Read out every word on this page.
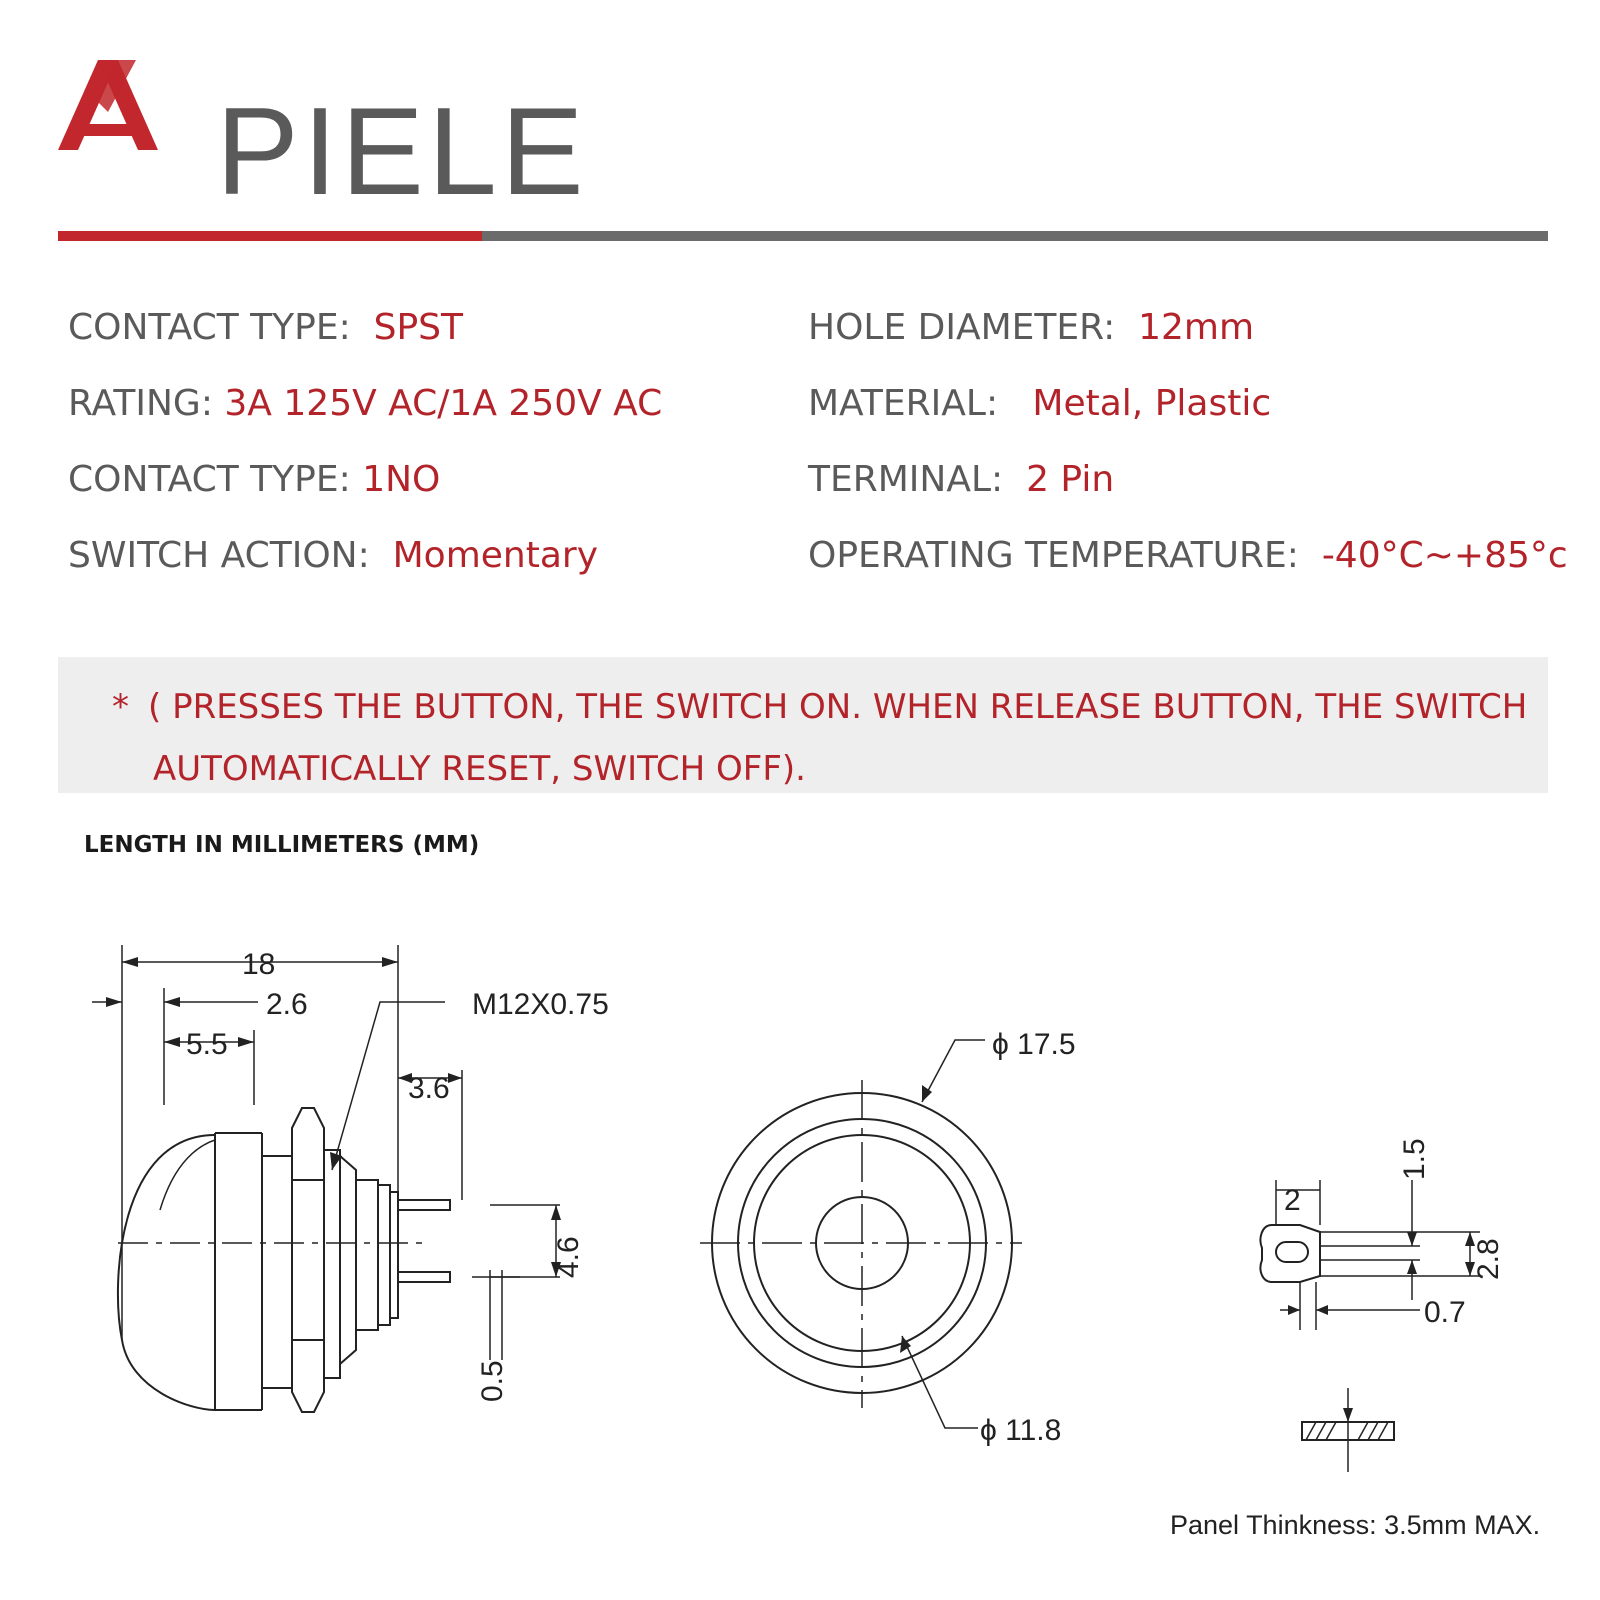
PIELE
CONTACT TYPE: SPST
RATING: 3A 125V AC/1A 250V AC
CONTACT TYPE: 1NO
SWITCH ACTION: Momentary
HOLE DIAMETER: 12mm
MATERIAL: Metal, Plastic
TERMINAL: 2 Pin
OPERATING TEMPERATURE: -40°C~+85°c
* ( PRESSES THE BUTTON, THE SWITCH ON. WHEN RELEASE BUTTON, THE SWITCH
AUTOMATICALLY RESET, SWITCH OFF).
LENGTH IN MILLIMETERS (MM)
18
2.6
5.5
3.6
M12X0.75
4.6
0.5
ϕ 17.5
ϕ 11.8
2
1.5
2.8
0.7
Panel Thinkness: 3.5mm MAX.
